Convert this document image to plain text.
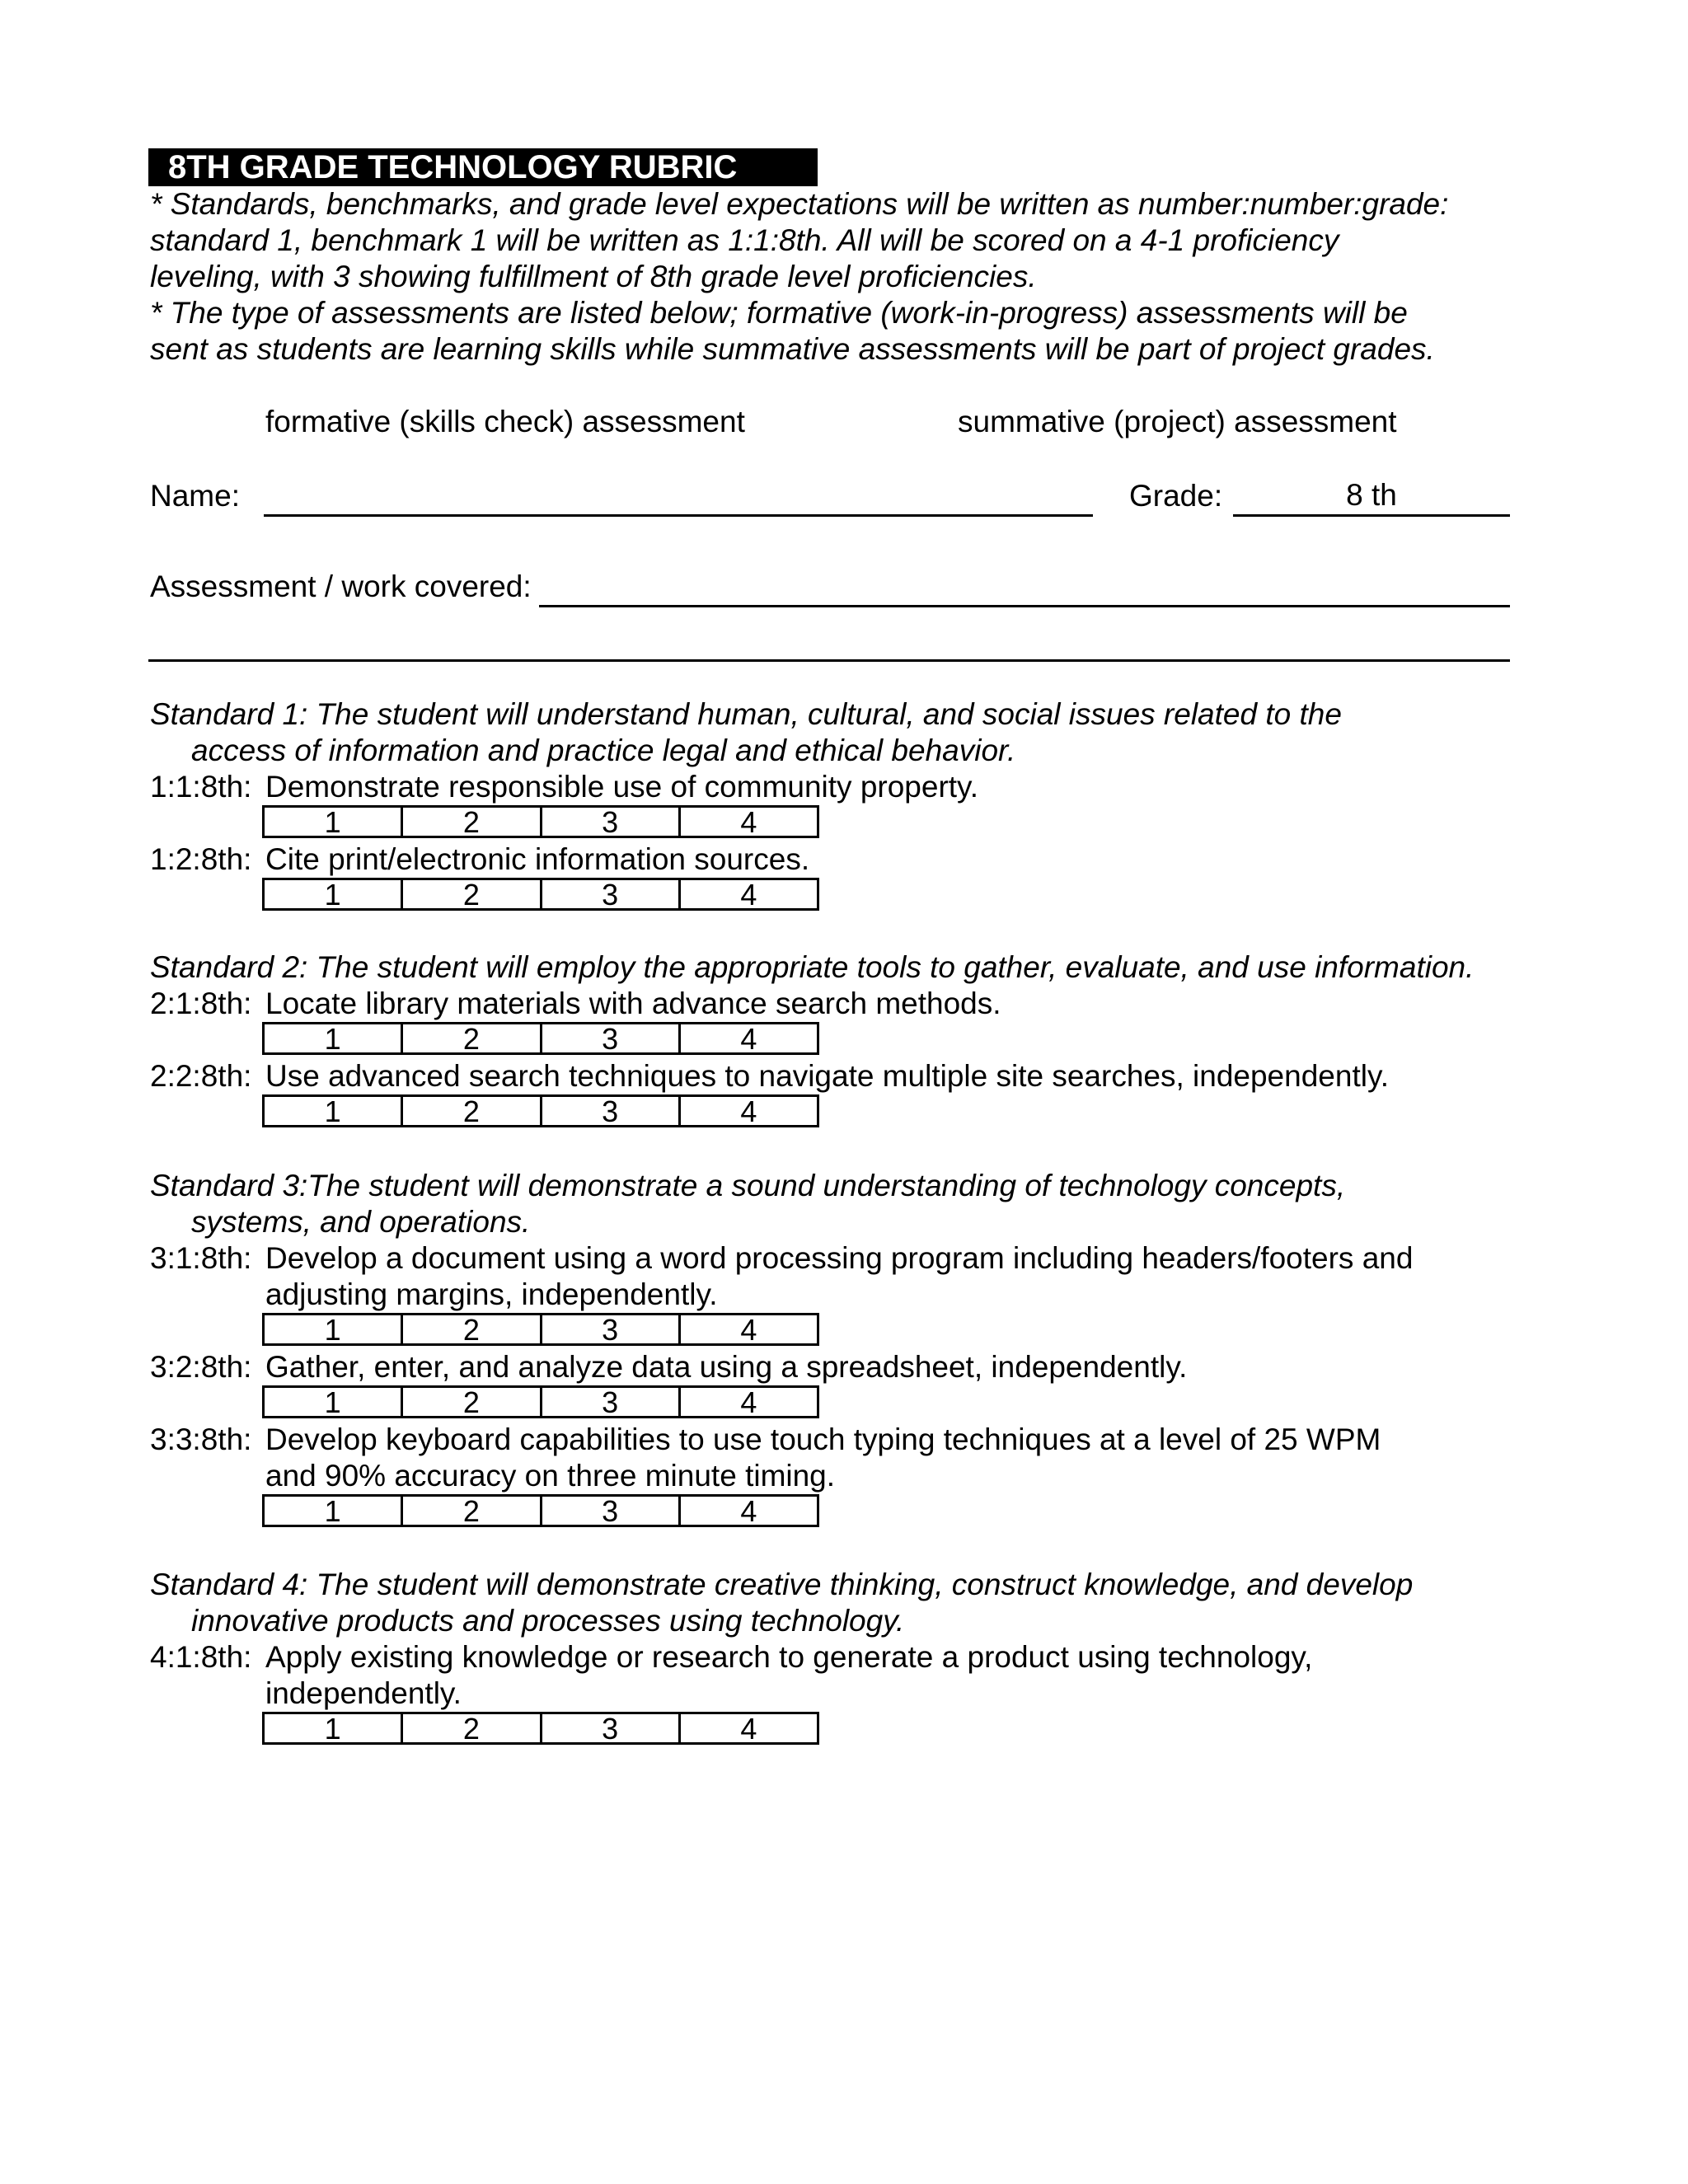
8TH GRADE TECHNOLOGY RUBRIC
* Standards, benchmarks, and grade level expectations will be written as number:number:grade:
standard 1, benchmark 1 will be written as 1:1:8th. All will be scored on a 4-1 proficiency
leveling, with 3 showing fulfillment of 8th grade level proficiencies.
* The type of assessments are listed below; formative (work-in-progress) assessments will be
sent as students are learning skills while summative assessments will be part of project grades.
formative (skills check) assessment	summative (project) assessment
Name:	Grade:	8 th
Assessment / work covered:
Standard 1: The student will understand human, cultural, and social issues related to the
access of information and practice legal and ethical behavior.
1:1:8th: Demonstrate responsible use of community property.
1	2	3	4
1:2:8th: Cite print/electronic information sources.
1	2	3	4
Standard 2: The student will employ the appropriate tools to gather, evaluate, and use information.
2:1:8th: Locate library materials with advance search methods.
1	2	3	4
2:2:8th: Use advanced search techniques to navigate multiple site searches, independently.
1	2	3	4
Standard 3:The student will demonstrate a sound understanding of technology concepts,
systems, and operations.
3:1:8th: Develop a document using a word processing program including headers/footers and
adjusting margins, independently.
1	2	3	4
3:2:8th: Gather, enter, and analyze data using a spreadsheet, independently.
1	2	3	4
3:3:8th: Develop keyboard capabilities to use touch typing techniques at a level of 25 WPM
and 90% accuracy on three minute timing.
1	2	3	4
Standard 4: The student will demonstrate creative thinking, construct knowledge, and develop
innovative products and processes using technology.
4:1:8th: Apply existing knowledge or research to generate a product using technology,
independently.
1	2	3	4
